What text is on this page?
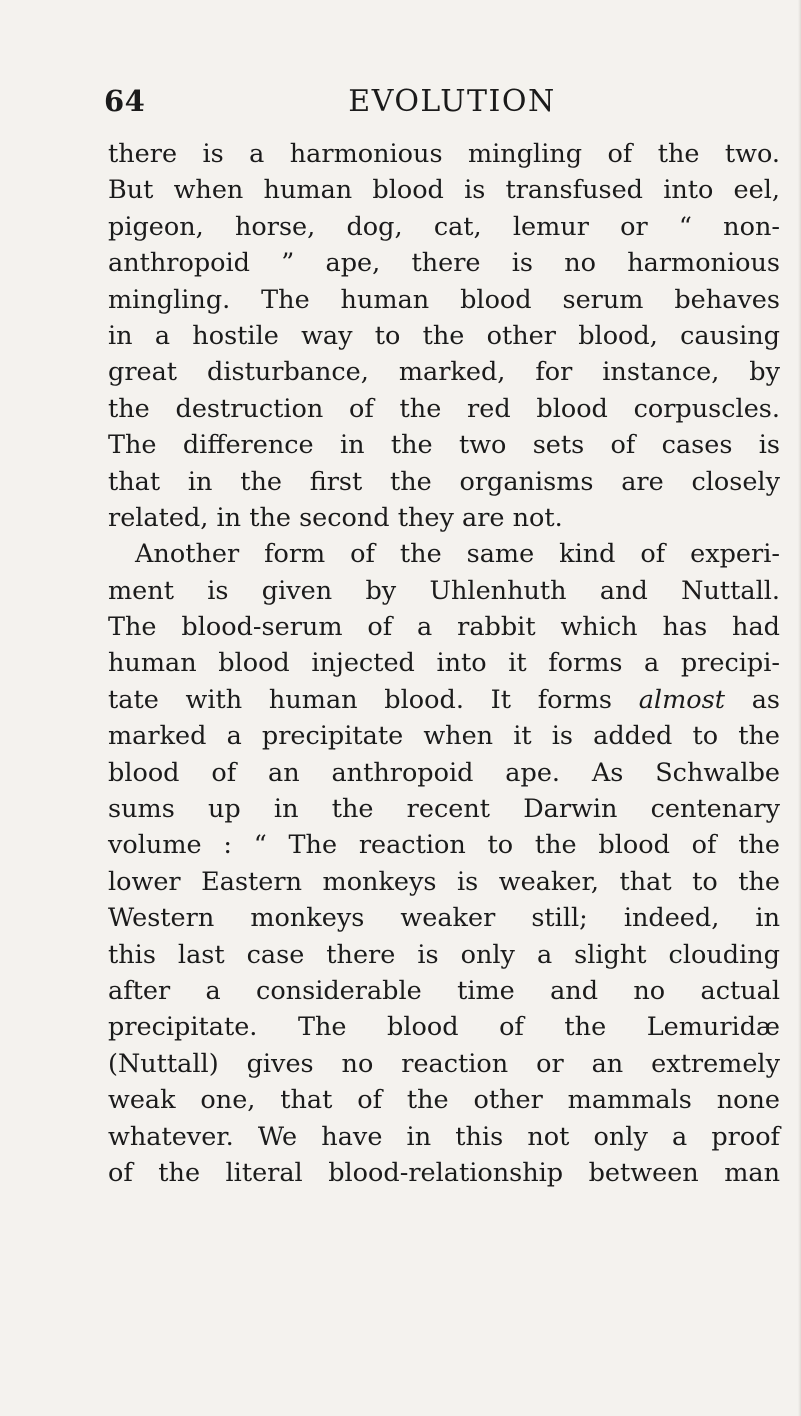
64	EVOLUTION
there is a harmonious mingling of the two.
But when human blood is transfused into eel,
pigeon, horse, dog, cat, lemur or “ non-
anthropoid ” ape, there is no harmonious
mingling. The human blood serum behaves
in a hostile way to the other blood, causing
great disturbance, marked, for instance, by
the destruction of the red blood corpuscles.
The difference in the two sets of cases is
that in the first the organisms are closely
related, in the second they are not.
Another form of the same kind of experi-
ment is given by Uhlenhuth and Nuttall.
The blood-serum of a rabbit which has had
human blood injected into it forms a precipi-
tate with human blood. It forms almost as
marked a precipitate when it is added to the
blood of an anthropoid ape. As Schwalbe
sums up in the recent Darwin centenary
volume : “ The reaction to the blood of the
lower Eastern monkeys is weaker, that to the
Western monkeys weaker still; indeed, in
this last case there is only a slight clouding
after a considerable time and no actual
precipitate. The blood of the Lemuridæ
(Nuttall) gives no reaction or an extremely
weak one, that of the other mammals none
whatever. We have in this not only a proof
of the literal blood-relationship between man
